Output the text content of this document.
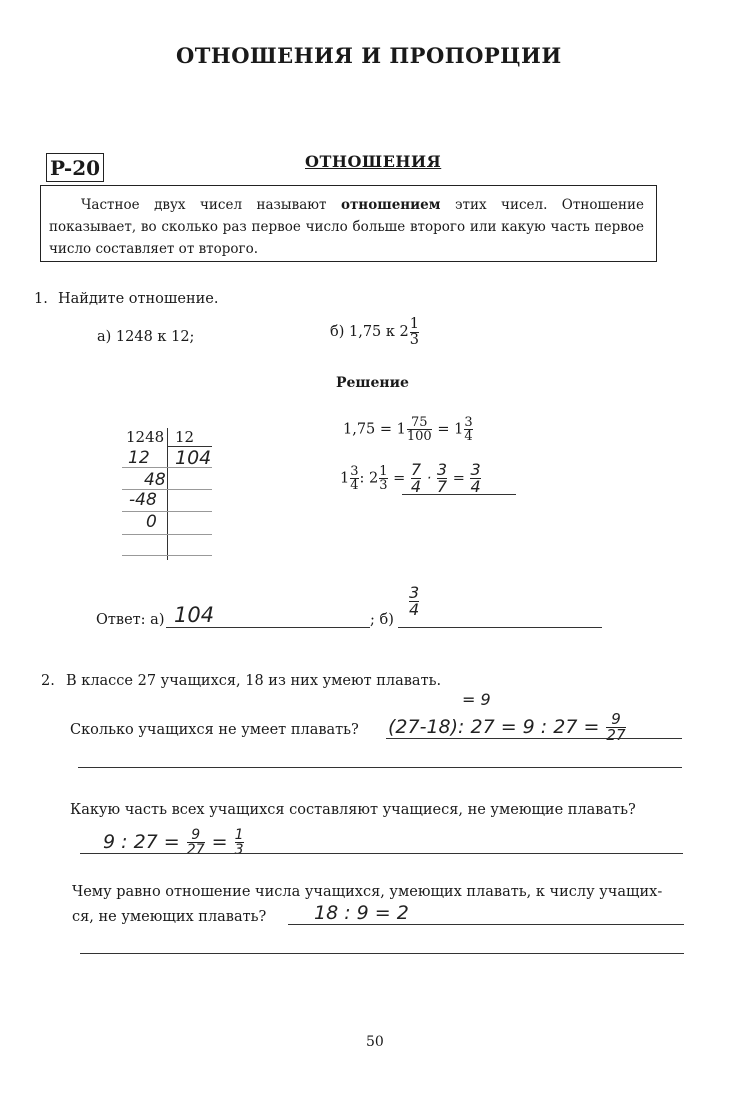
ОТНОШЕНИЯ И ПРОПОРЦИИ
P-20	ОТНОШЕНИЯ

Частное двух чисел называют отношением этих чисел. Отношение показывает, во сколько раз первое число больше второго или какую часть первое число составляет от второго.

1. Найдите отношение.
а) 1248 к 12;	б) 1,75 к $2 \frac{1}{3}$
Решение
1248 12
104
12
48
-48
0
$1,75 = 1 \frac{75}{100} = 1 \frac{3}{4}$
$1 \frac{3}{4}$ : $2 \frac{1}{3} = \frac{7}{4} \cdot \frac{3}{7} = \frac{3}{4}$
Ответ: а) 104	; б)
$\frac{3}{4}$
2. В классе 27 учащихся, 18 из них умеют плавать.
Сколько учащихся не умеет плавать? (27-18): 27 = 9 : $27 = \frac{9}{27}$
= 9
Какую часть всех учащихся составляют учащиеся, не умеющие плавать?
9 : $27 = \frac{9}{27} = \frac{1}{3}$
Чему равно отношение числа учащихся, умеющих плавать, к числу учащих-
ся, не умеющих плавать?	18 : 9 = 2
50
